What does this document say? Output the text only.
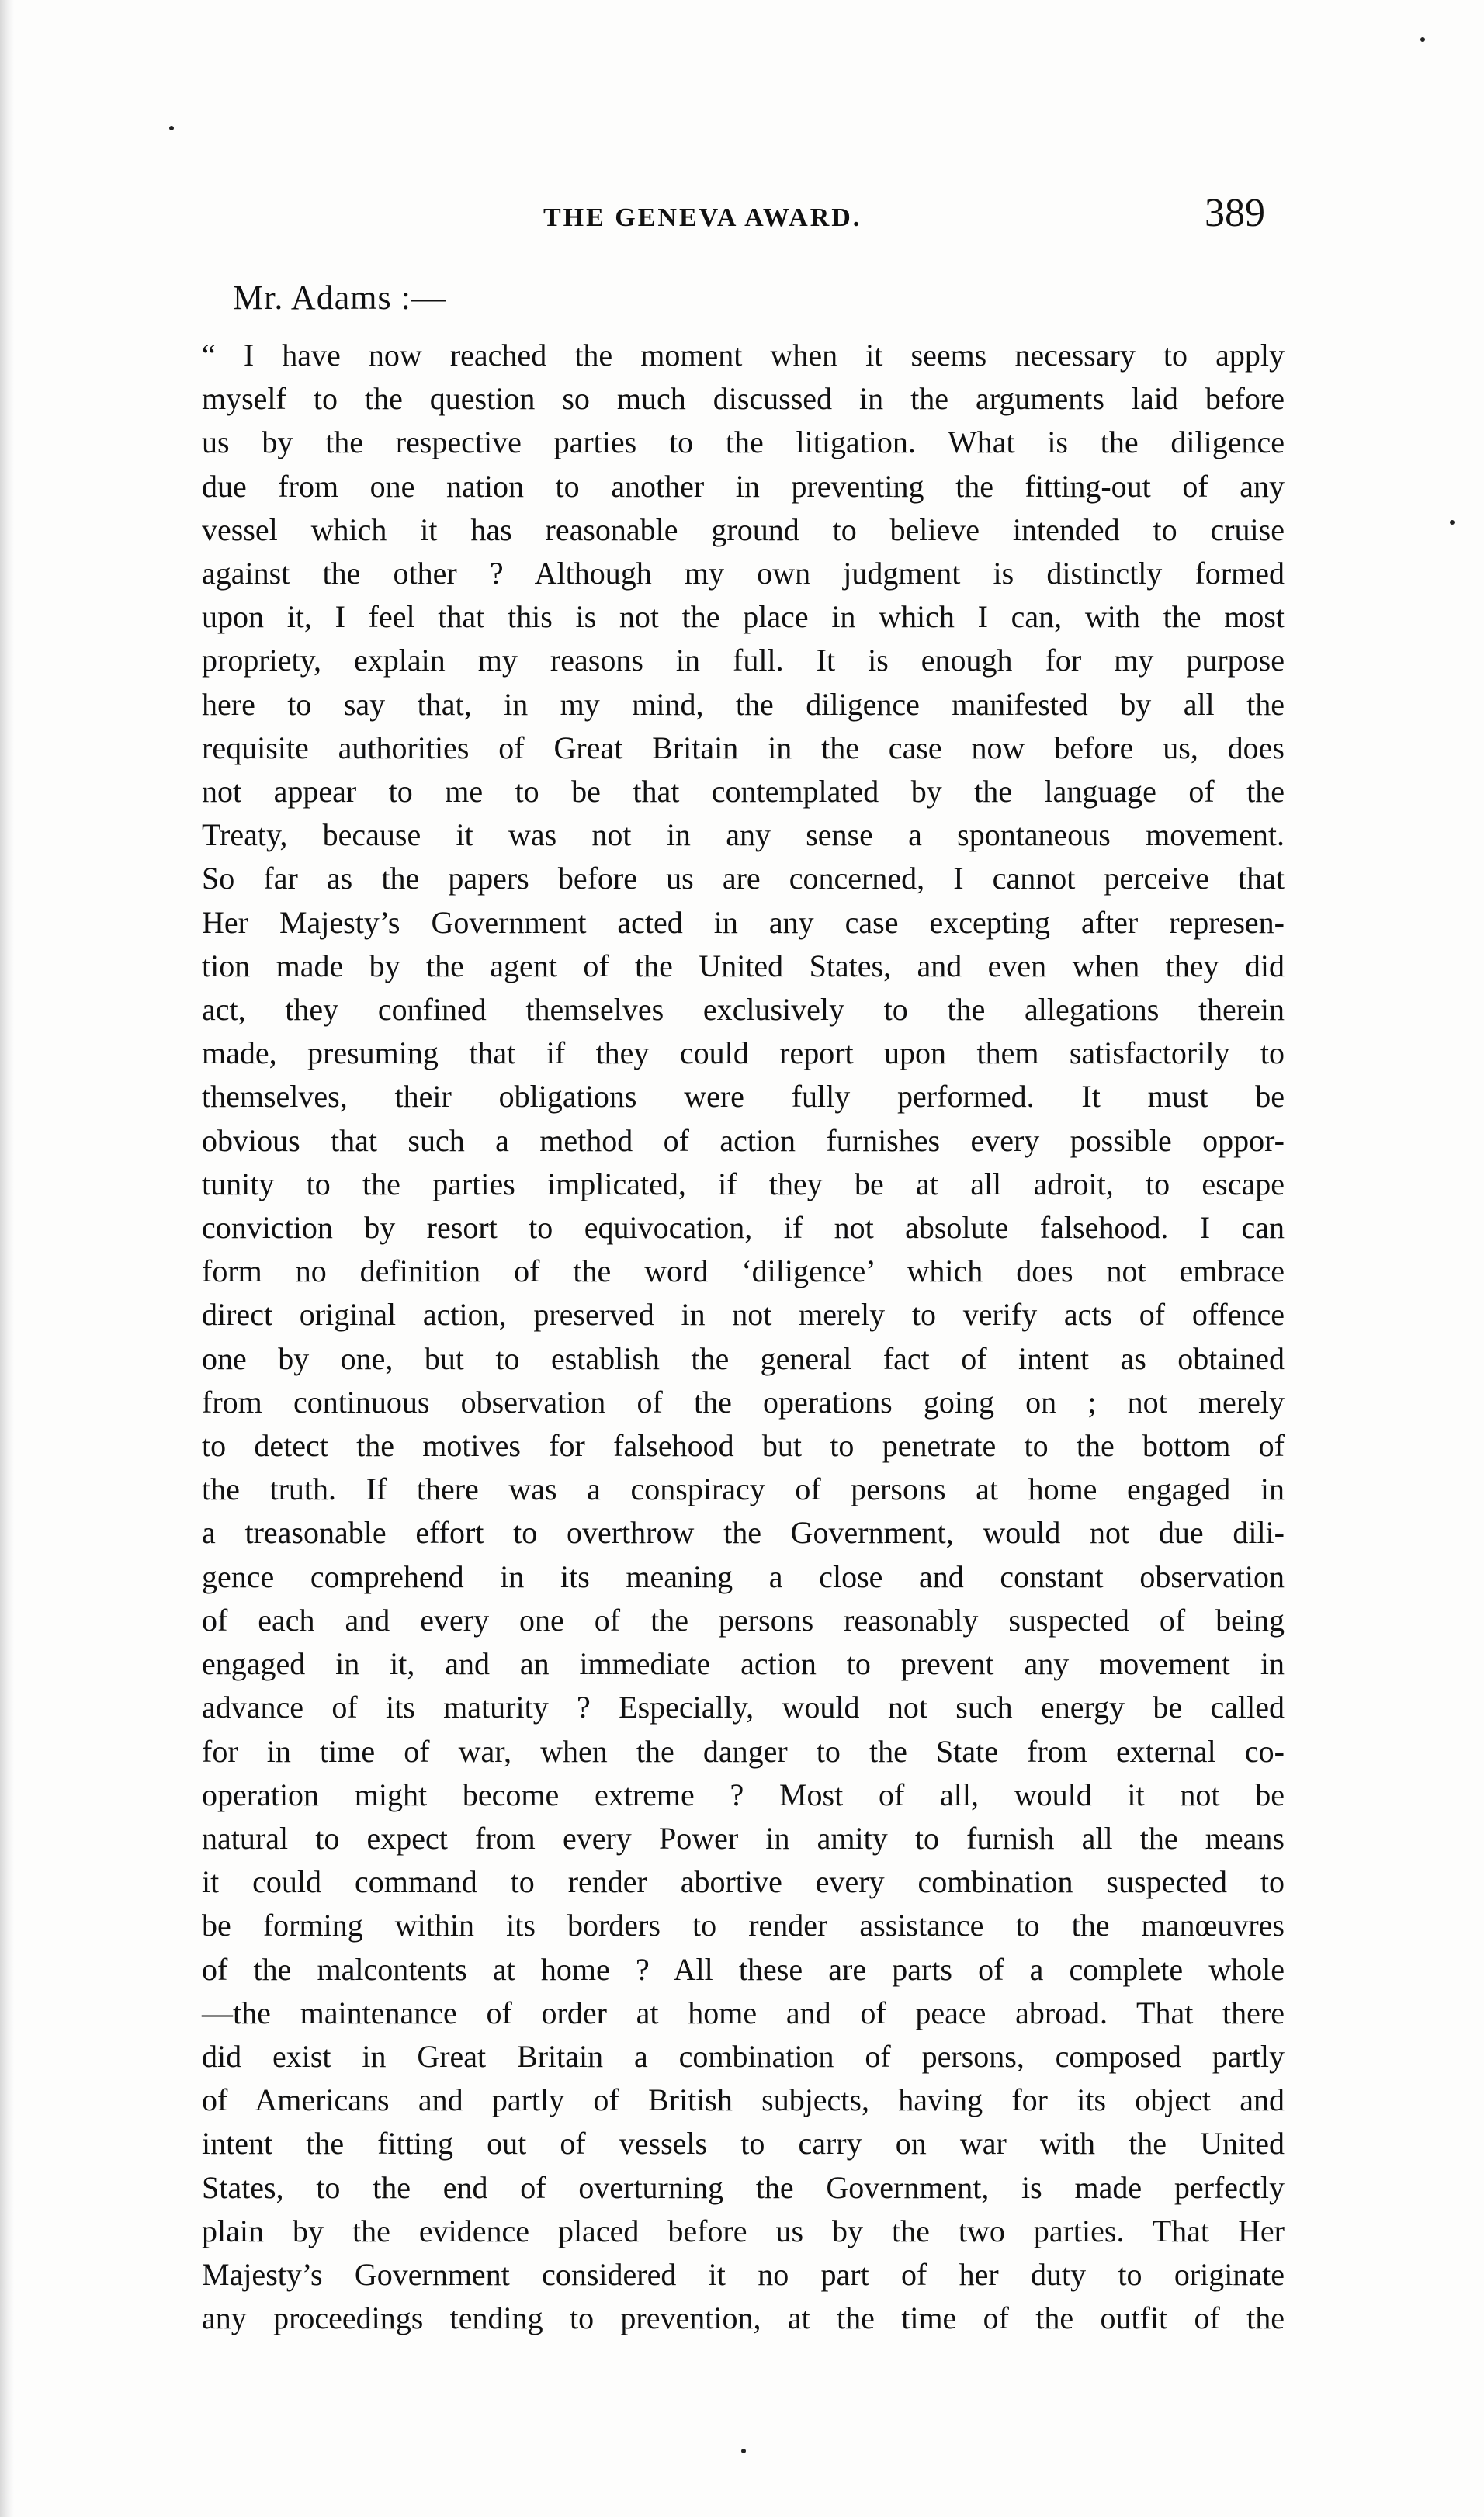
THE GENEVA AWARD.	389
Mr. Adams :—
“ I have now reached the moment when it seems necessary to apply
myself to the question so much discussed in the arguments laid before
us by the respective parties to the litigation. What is the diligence
due from one nation to another in preventing the fitting-out of any
vessel which it has reasonable ground to believe intended to cruise
against the other ? Although my own judgment is distinctly formed
upon it, I feel that this is not the place in which I can, with the most
propriety, explain my reasons in full. It is enough for my purpose
here to say that, in my mind, the diligence manifested by all the
requisite authorities of Great Britain in the case now before us, does
not appear to me to be that contemplated by the language of the
Treaty, because it was not in any sense a spontaneous movement.
So far as the papers before us are concerned, I cannot perceive that
Her Majesty’s Government acted in any case excepting after represen-
tion made by the agent of the United States, and even when they did
act, they confined themselves exclusively to the allegations therein
made, presuming that if they could report upon them satisfactorily to
themselves, their obligations were fully performed. It must be
obvious that such a method of action furnishes every possible oppor-
tunity to the parties implicated, if they be at all adroit, to escape
conviction by resort to equivocation, if not absolute falsehood. I can
form no definition of the word ‘diligence’ which does not embrace
direct original action, preserved in not merely to verify acts of offence
one by one, but to establish the general fact of intent as obtained
from continuous observation of the operations going on ; not merely
to detect the motives for falsehood but to penetrate to the bottom of
the truth. If there was a conspiracy of persons at home engaged in
a treasonable effort to overthrow the Government, would not due dili-
gence comprehend in its meaning a close and constant observation
of each and every one of the persons reasonably suspected of being
engaged in it, and an immediate action to prevent any movement in
advance of its maturity ? Especially, would not such energy be called
for in time of war, when the danger to the State from external co-
operation might become extreme ? Most of all, would it not be
natural to expect from every Power in amity to furnish all the means
it could command to render abortive every combination suspected to
be forming within its borders to render assistance to the manœuvres
of the malcontents at home ? All these are parts of a complete whole
—the maintenance of order at home and of peace abroad. That there
did exist in Great Britain a combination of persons, composed partly
of Americans and partly of British subjects, having for its object and
intent the fitting out of vessels to carry on war with the United
States, to the end of overturning the Government, is made perfectly
plain by the evidence placed before us by the two parties. That Her
Majesty’s Government considered it no part of her duty to originate
any proceedings tending to prevention, at the time of the outfit of the
